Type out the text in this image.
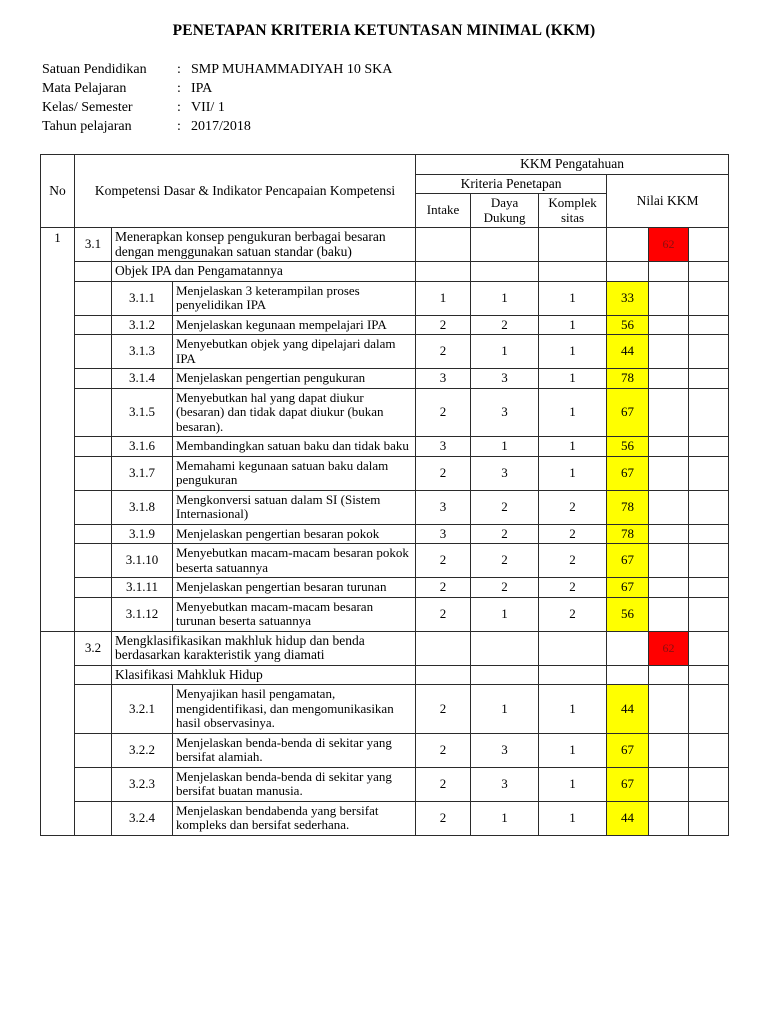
PENETAPAN KRITERIA KETUNTASAN MINIMAL (KKM)
Satuan Pendidikan	: SMP MUHAMMADIYAH 10 SKA
Mata Pelajaran	: IPA
Kelas/ Semester	: VII/ 1
Tahun pelajaran	: 2017/2018
No	Kompetensi Dasar & Indikator Pencapaian Kompetensi			KKM Pengatahuan					
				Kriteria Penetapan			Nilai KKM		
				Intake	Daya Dukung	Komplek sitas			
1	3.1	Menerapkan konsep pengukuran berbagai besaran dengan menggunakan satuan standar (baku)						62	
		Objek IPA dan Pengamatannya							
		3.1.1	Menjelaskan 3 keterampilan proses penyelidikan IPA	1	1	1	33		
		3.1.2	Menjelaskan kegunaan mempelajari IPA	2	2	1	56		
		3.1.3	Menyebutkan objek yang dipelajari dalam IPA	2	1	1	44		
		3.1.4	Menjelaskan pengertian pengukuran	3	3	1	78		
		3.1.5	Menyebutkan hal yang dapat diukur (besaran) dan tidak dapat diukur (bukan besaran).	2	3	1	67		
		3.1.6	Membandingkan satuan baku dan tidak baku	3	1	1	56		
		3.1.7	Memahami kegunaan satuan baku dalam pengukuran	2	3	1	67		
		3.1.8	Mengkonversi satuan dalam SI (Sistem Internasional)	3	2	2	78		
		3.1.9	Menjelaskan pengertian besaran pokok	3	2	2	78		
		3.1.10	Menyebutkan macam-macam besaran pokok beserta satuannya	2	2	2	67		
		3.1.11	Menjelaskan pengertian besaran turunan	2	2	2	67		
		3.1.12	Menyebutkan macam-macam besaran turunan beserta satuannya	2	1	2	56		
	3.2	Mengklasifikasikan makhluk hidup dan benda berdasarkan karakteristik yang diamati						62	
		Klasifikasi Mahkluk Hidup							
		3.2.1	Menyajikan hasil pengamatan, mengidentifikasi, dan mengomunikasikan hasil observasinya.	2	1	1	44		
		3.2.2	Menjelaskan benda-benda di sekitar yang bersifat alamiah.	2	3	1	67		
		3.2.3	Menjelaskan benda-benda di sekitar yang bersifat buatan manusia.	2	3	1	67		
		3.2.4	Menjelaskan bendabenda yang bersifat kompleks dan bersifat sederhana.	2	1	1	44		
